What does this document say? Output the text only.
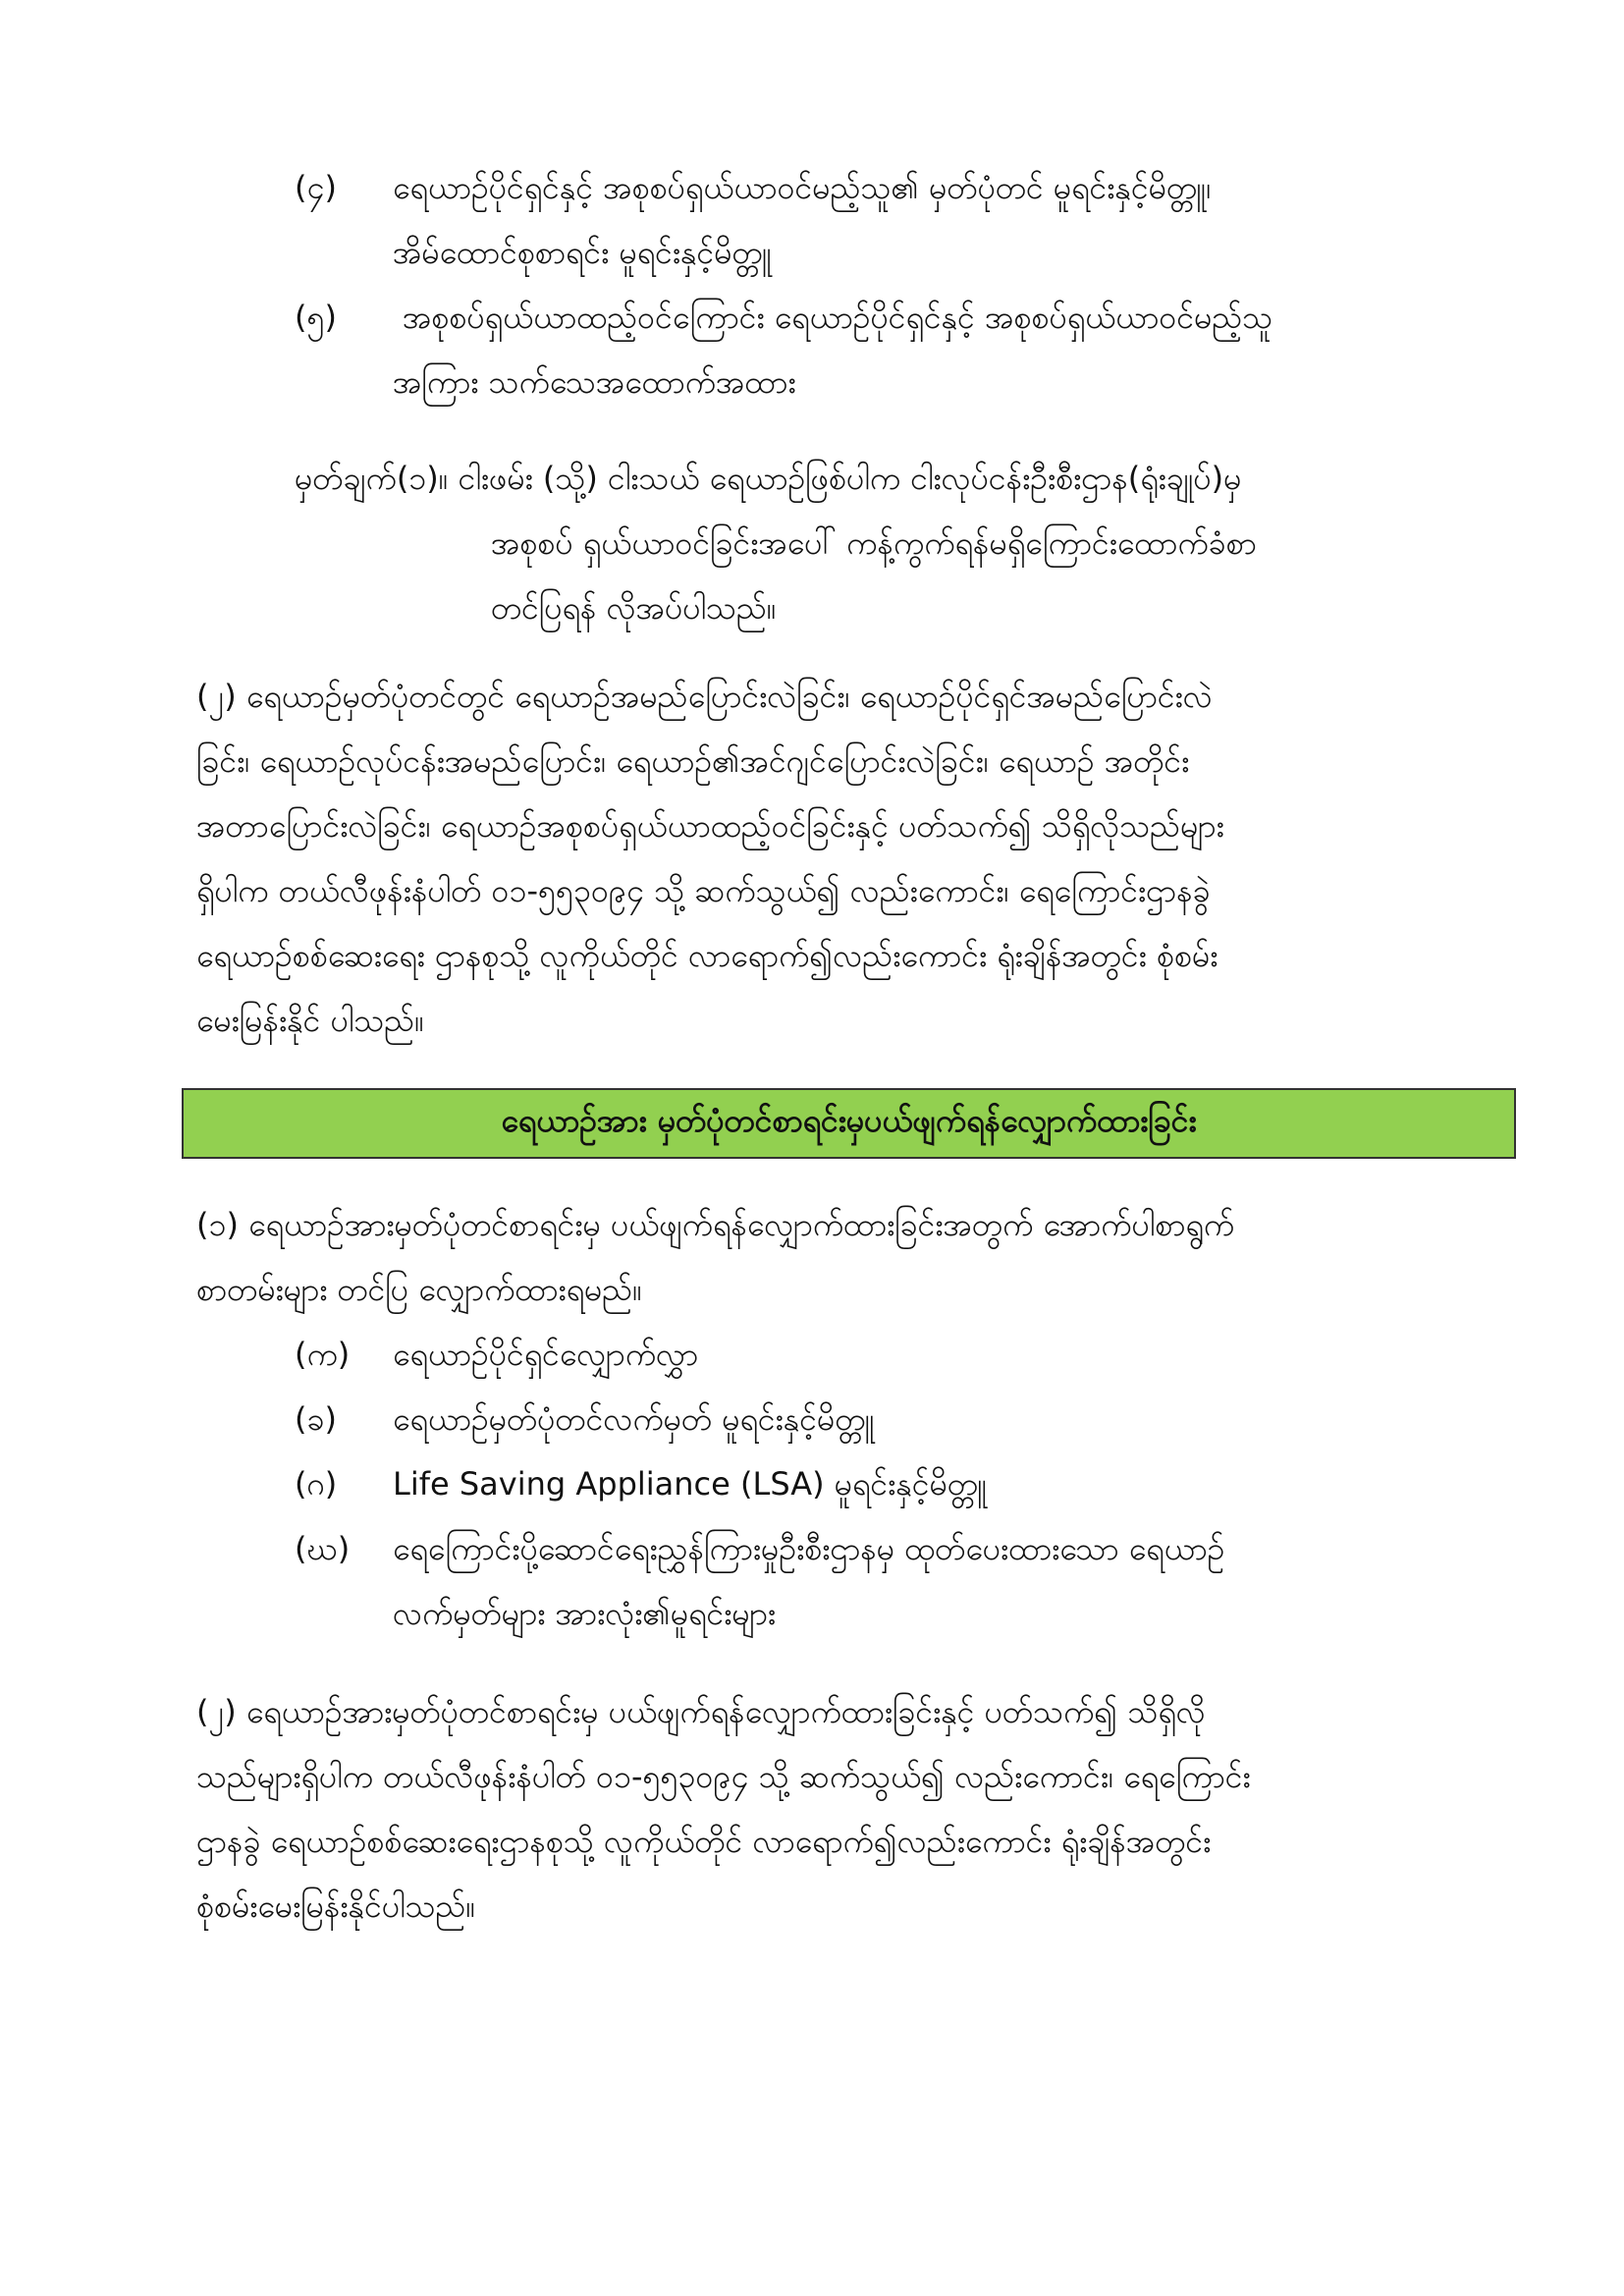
(၄) ရေယာဉ်ပိုင်ရှင်နှင့် အစုစပ်ရှယ်ယာဝင်မည့်သူ၏ မှတ်ပုံတင် မူရင်းနှင့်မိတ္တူ၊
အိမ်ထောင်စုစာရင်း မူရင်းနှင့်မိတ္တူ
(၅) အစုစပ်ရှယ်ယာထည့်ဝင်ကြောင်း ရေယာဉ်ပိုင်ရှင်နှင့် အစုစပ်ရှယ်ယာဝင်မည့်သူ
အကြား သက်သေအထောက်အထား
မှတ်ချက်(၁)။ ငါးဖမ်း (သို့) ငါးသယ် ရေယာဉ်ဖြစ်ပါက ငါးလုပ်ငန်းဦးစီးဌာန(ရုံးချုပ်)မှ
အစုစပ် ရှယ်ယာဝင်ခြင်းအပေါ် ကန့်ကွက်ရန်မရှိကြောင်းထောက်ခံစာ
တင်ပြရန် လိုအပ်ပါသည်။
(၂) ရေယာဉ်မှတ်ပုံတင်တွင် ရေယာဉ်အမည်ပြောင်းလဲခြင်း၊ ရေယာဉ်ပိုင်ရှင်အမည်ပြောင်းလဲ
ခြင်း၊ ရေယာဉ်လုပ်ငန်းအမည်ပြောင်း၊ ရေယာဉ်၏အင်ဂျင်ပြောင်းလဲခြင်း၊ ရေယာဉ် အတိုင်း
အတာပြောင်းလဲခြင်း၊ ရေယာဉ်အစုစပ်ရှယ်ယာထည့်ဝင်ခြင်းနှင့် ပတ်သက်၍ သိရှိလိုသည်များ
ရှိပါက တယ်လီဖုန်းနံပါတ် ၀၁-၅၅၃၀၉၄ သို့ ဆက်သွယ်၍ လည်းကောင်း၊ ရေကြောင်းဌာနခွဲ
ရေယာဉ်စစ်ဆေးရေး ဌာနစုသို့ လူကိုယ်တိုင် လာရောက်၍လည်းကောင်း ရုံးချိန်အတွင်း စုံစမ်း
မေးမြန်းနိုင် ပါသည်။
ရေယာဉ်အား မှတ်ပုံတင်စာရင်းမှပယ်ဖျက်ရန်လျှောက်ထားခြင်း
(၁) ရေယာဉ်အားမှတ်ပုံတင်စာရင်းမှ ပယ်ဖျက်ရန်လျှောက်ထားခြင်းအတွက် အောက်ပါစာရွက်
စာတမ်းများ တင်ပြ လျှောက်ထားရမည်။
(က) ရေယာဉ်ပိုင်ရှင်လျှောက်လွှာ
(ခ) ရေယာဉ်မှတ်ပုံတင်လက်မှတ် မူရင်းနှင့်မိတ္တူ
(ဂ) Life Saving Appliance (LSA) မူရင်းနှင့်မိတ္တူ
(ဃ) ရေကြောင်းပို့ဆောင်ရေးညွှန်ကြားမှုဦးစီးဌာနမှ ထုတ်ပေးထားသော ရေယာဉ်
လက်မှတ်များ အားလုံး၏မူရင်းများ
(၂) ရေယာဉ်အားမှတ်ပုံတင်စာရင်းမှ ပယ်ဖျက်ရန်လျှောက်ထားခြင်းနှင့် ပတ်သက်၍ သိရှိလို
သည်များရှိပါက တယ်လီဖုန်းနံပါတ် ၀၁-၅၅၃၀၉၄ သို့ ဆက်သွယ်၍ လည်းကောင်း၊ ရေကြောင်း
ဌာနခွဲ ရေယာဉ်စစ်ဆေးရေးဌာနစုသို့ လူကိုယ်တိုင် လာရောက်၍လည်းကောင်း ရုံးချိန်အတွင်း
စုံစမ်းမေးမြန်းနိုင်ပါသည်။
